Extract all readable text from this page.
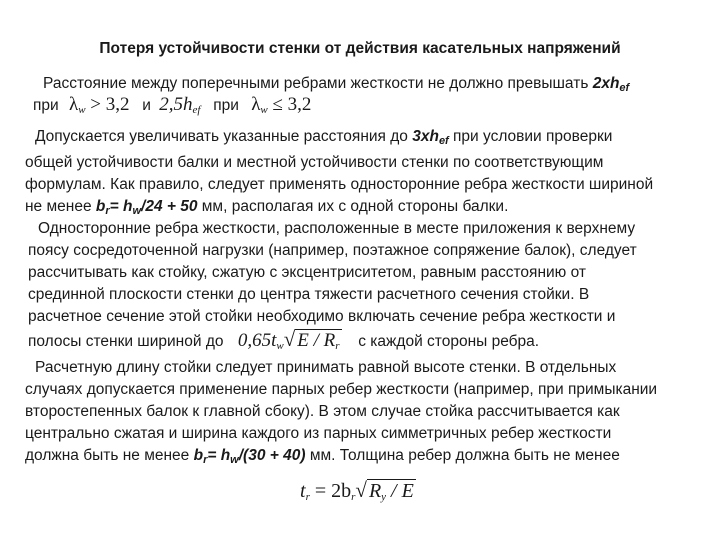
Потеря устойчивости стенки от действия касательных напряжений
Расстояние между поперечными ребрами жесткости не должно превышать $2xh_{ef}$
при $\lambda_w > 3,2$ и $2,5h_{ef}$ при $\lambda_w \le 3,2$
Допускается увеличивать указанные расстояния до $3xh_{ef}$ при условии проверки
общей устойчивости балки и местной устойчивости стенки по соответствующим
формулам. Как правило, следует применять односторонние ребра жесткости шириной
не менее $b_r= h_w/24 + 50$ мм, располагая их с одной стороны балки.
Односторонние ребра жесткости, расположенные в месте приложения к верхнему
поясу сосредоточенной нагрузки (например, поэтажное сопряжение балок), следует
рассчитывать как стойку, сжатую с эксцентриситетом, равным расстоянию от
срединной плоскости стенки до центра тяжести расчетного сечения стойки. В
расчетное сечение этой стойки необходимо включать сечение ребра жесткости и
полосы стенки шириной до $0,65t_w√$ E / $R_r$ с каждой стороны ребра.
Расчетную длину стойки следует принимать равной высоте стенки. В отдельных
случаях допускается применение парных ребер жесткости (например, при примыкании
второстепенных балок к главной сбоку). В этом случае стойка рассчитывается как
центрально сжатая и ширина каждого из парных симметричных ребер жесткости
должна быть не менее $b_r= h_w/(30 + 40)$ мм. Толщина ребер должна быть не менее
$t_r = 2b_r√$ $R_y$ / E
